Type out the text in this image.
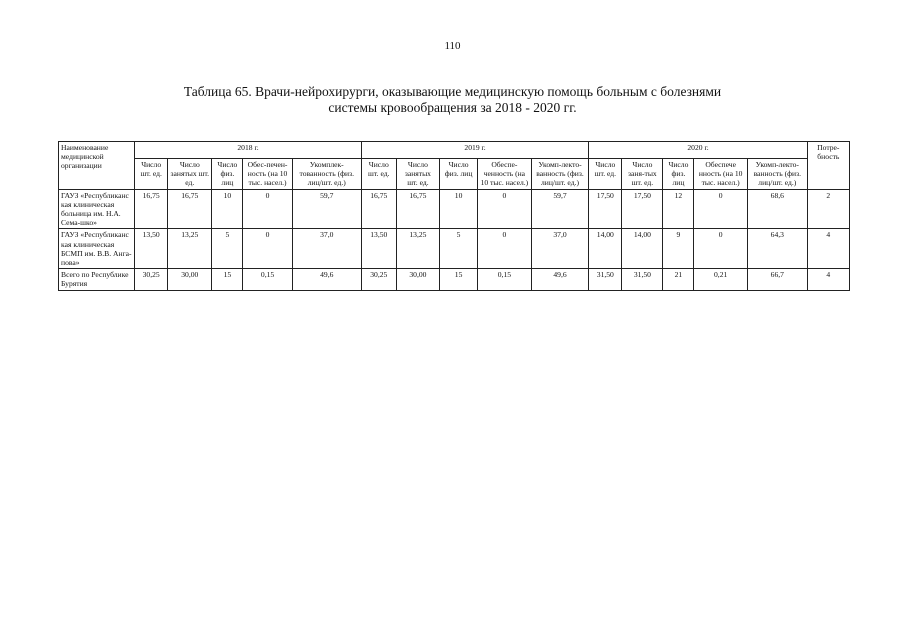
110
Таблица 65. Врачи-нейрохирурги, оказывающие медицинскую помощь больным с болезнями
системы кровообращения за 2018 - 2020 гг.
Наименование медицинской организации	2018 г.					2019 г.					2020 г.					Потре-бность
	Число шт. ед.	Число занятых шт. ед.	Число физ. лиц	Обес-печен-ность (на 10 тыс. насел.)	Укомплек-тованность (физ. лиц/шт. ед.)	Число шт. ед.	Число занятых шт. ед.	Число физ. лиц	Обеспе-ченность (на 10 тыс. насел.)	Укомп-лекто-ванность (физ. лиц/шт. ед.)	Число шт. ед.	Число заня-тых шт. ед.	Число физ. лиц	Обеспече нность (на 10 тыс. насел.)	Укомп-лекто-ванность (физ. лиц/шт. ед.)	
ГАУЗ «Республиканс кая клиническая больница им. Н.А. Сема-шко»	16,75	16,75	10	0	59,7	16,75	16,75	10	0	59,7	17,50	17,50	12	0	68,6	2
ГАУЗ «Республиканс кая клиническая БСМП им. В.В. Анга-пова»	13,50	13,25	5	0	37,0	13,50	13,25	5	0	37,0	14,00	14,00	9	0	64,3	4
Всего по Республике Бурятия	30,25	30,00	15	0,15	49,6	30,25	30,00	15	0,15	49,6	31,50	31,50	21	0,21	66,7	4
